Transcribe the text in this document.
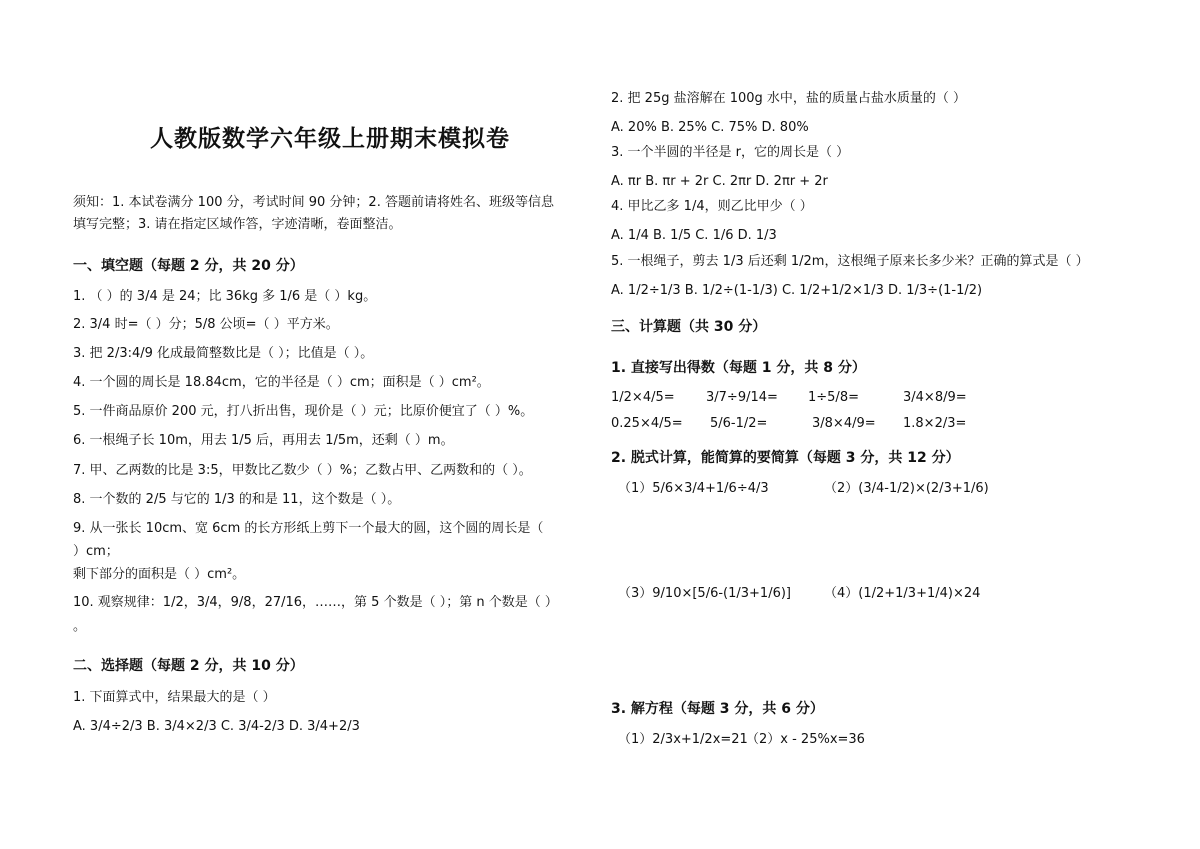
人教版数学六年级上册期末模拟卷
须知：1. 本试卷满分 100 分，考试时间 90 分钟；2. 答题前请将姓名、班级等信息
填写完整；3. 请在指定区域作答，字迹清晰，卷面整洁。
一、填空题（每题 2 分，共 20 分）
1. （ ）的 3/4 是 24；比 36kg 多 1/6 是（ ）kg。
2. 3/4 时=（ ）分；5/8 公顷=（ ）平方米。
3. 把 2/3:4/9 化成最简整数比是（ ）；比值是（ ）。
4. 一个圆的周长是 18.84cm，它的半径是（ ）cm；面积是（ ）cm²。
5. 一件商品原价 200 元，打八折出售，现价是（ ）元；比原价便宜了（ ）%。
6. 一根绳子长 10m，用去 1/5 后，再用去 1/5m，还剩（ ）m。
7. 甲、乙两数的比是 3:5，甲数比乙数少（ ）%；乙数占甲、乙两数和的（ ）。
8. 一个数的 2/5 与它的 1/3 的和是 11，这个数是（ ）。
9. 从一张长 10cm、宽 6cm 的长方形纸上剪下一个最大的圆，这个圆的周长是（
）cm；
剩下部分的面积是（ ）cm²。
10. 观察规律：1/2，3/4，9/8，27/16，……，第 5 个数是（ ）；第 n 个数是（ ）
。
二、选择题（每题 2 分，共 10 分）
1. 下面算式中，结果最大的是（ ）
A. 3/4÷2/3 B. 3/4×2/3 C. 3/4-2/3 D. 3/4+2/3
2. 把 25g 盐溶解在 100g 水中，盐的质量占盐水质量的（ ）
A. 20% B. 25% C. 75% D. 80%
3. 一个半圆的半径是 r，它的周长是（ ）
A. πr B. πr + 2r C. 2πr D. 2πr + 2r
4. 甲比乙多 1/4，则乙比甲少（ ）
A. 1/4 B. 1/5 C. 1/6 D. 1/3
5. 一根绳子，剪去 1/3 后还剩 1/2m，这根绳子原来长多少米？正确的算式是（ ）
A. 1/2÷1/3 B. 1/2÷(1-1/3) C. 1/2+1/2×1/3 D. 1/3÷(1-1/2)
三、计算题（共 30 分）
1. 直接写出得数（每题 1 分，共 8 分）
1/2×4/5= 3/7÷9/14= 1÷5/8=	3/4×8/9=
0.25×4/5= 5/6-1/2=	3/8×4/9= 1.8×2/3=
2. 脱式计算，能简算的要简算（每题 3 分，共 12 分）
（1）5/6×3/4+1/6÷4/3	（2）(3/4-1/2)×(2/3+1/6)
（3）9/10×[5/6-(1/3+1/6)]	（4）(1/2+1/3+1/4)×24
3. 解方程（每题 3 分，共 6 分）
（1）2/3x+1/2x=21
（2）x - 25%x=36
